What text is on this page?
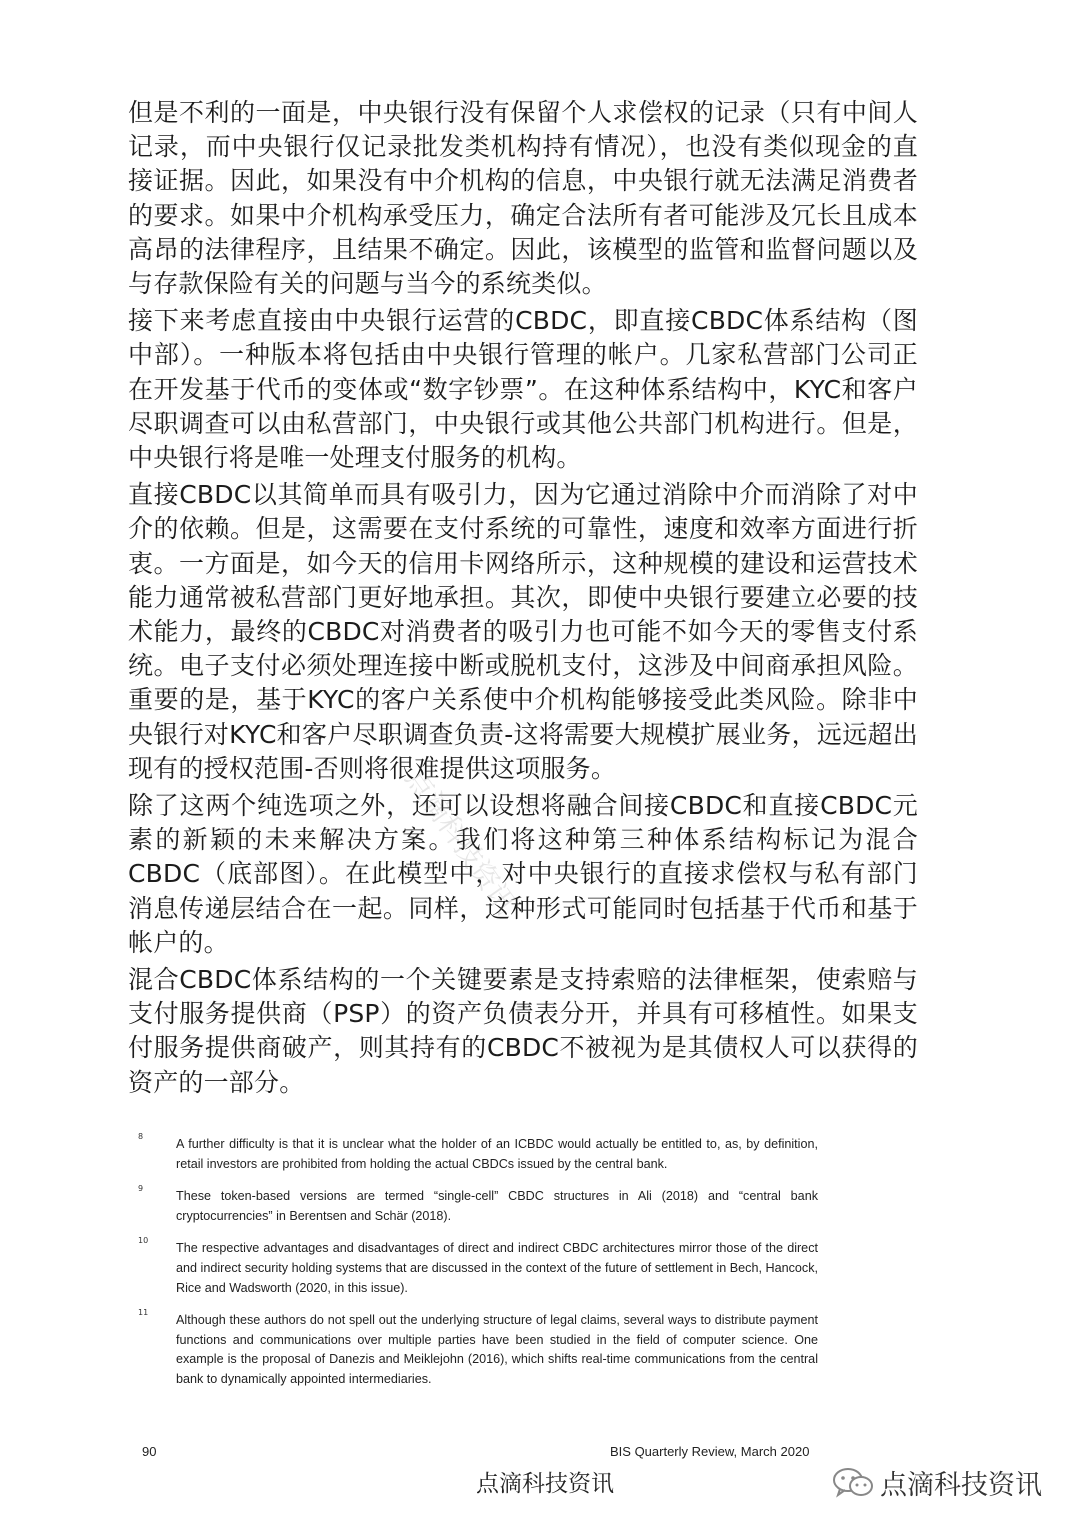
但是不利的一面是，中央银行没有保留个人求偿权的记录（只有中间人记录，而中央银行仅记录批发类机构持有情况），也没有类似现金的直接证据。因此，如果没有中介机构的信息，中央银行就无法满足消费者的要求。如果中介机构承受压力，确定合法所有者可能涉及冗长且成本高昂的法律程序，且结果不确定。因此，该模型的监管和监督问题以及与存款保险有关的问题与当今的系统类似。

接下来考虑直接由中央银行运营的CBDC，即直接CBDC体系结构（图中部）。一种版本将包括由中央银行管理的帐户。几家私营部门公司正在开发基于代币的变体或“数字钞票”。在这种体系结构中，KYC和客户尽职调查可以由私营部门，中央银行或其他公共部门机构进行。但是，中央银行将是唯一处理支付服务的机构。

直接CBDC以其简单而具有吸引力，因为它通过消除中介而消除了对中介的依赖。但是，这需要在支付系统的可靠性，速度和效率方面进行折衷。一方面是，如今天的信用卡网络所示，这种规模的建设和运营技术能力通常被私营部门更好地承担。其次，即使中央银行要建立必要的技术能力，最终的CBDC对消费者的吸引力也可能不如今天的零售支付系统。电子支付必须处理连接中断或脱机支付，这涉及中间商承担风险。重要的是，基于KYC的客户关系使中介机构能够接受此类风险。除非中央银行对KYC和客户尽职调查负责-这将需要大规模扩展业务，远远超出现有的授权范围-否则将很难提供这项服务。

除了这两个纯选项之外，还可以设想将融合间接CBDC和直接CBDC元素的新颖的未来解决方案。我们将这种第三种体系结构标记为混合CBDC（底部图）。在此模型中，对中央银行的直接求偿权与私有部门消息传递层结合在一起。同样，这种形式可能同时包括基于代币和基于帐户的。

混合CBDC体系结构的一个关键要素是支持索赔的法律框架，使索赔与支付服务提供商（PSP）的资产负债表分开，并具有可移植性。如果支付服务提供商破产，则其持有的CBDC不被视为是其债权人可以获得的资产的一部分。

点滴科技资讯
8
A further difficulty is that it is unclear what the holder of an ICBDC would actually be entitled to, as, by definition, retail investors are prohibited from holding the actual CBDCs issued by the central bank.
9
These token-based versions are termed “single-cell” CBDC structures in Ali (2018) and “central bank cryptocurrencies” in Berentsen and Schär (2018).
10
The respective advantages and disadvantages of direct and indirect CBDC architectures mirror those of the direct and indirect security holding systems that are discussed in the context of the future of settlement in Bech, Hancock, Rice and Wadsworth (2020, in this issue).
11
Although these authors do not spell out the underlying structure of legal claims, several ways to distribute payment functions and communications over multiple parties have been studied in the field of computer science. One example is the proposal of Danezis and Meiklejohn (2016), which shifts real-time communications from the central bank to dynamically appointed intermediaries.
90	BIS Quarterly Review, March 2020
点滴科技资讯	点滴科技资讯
